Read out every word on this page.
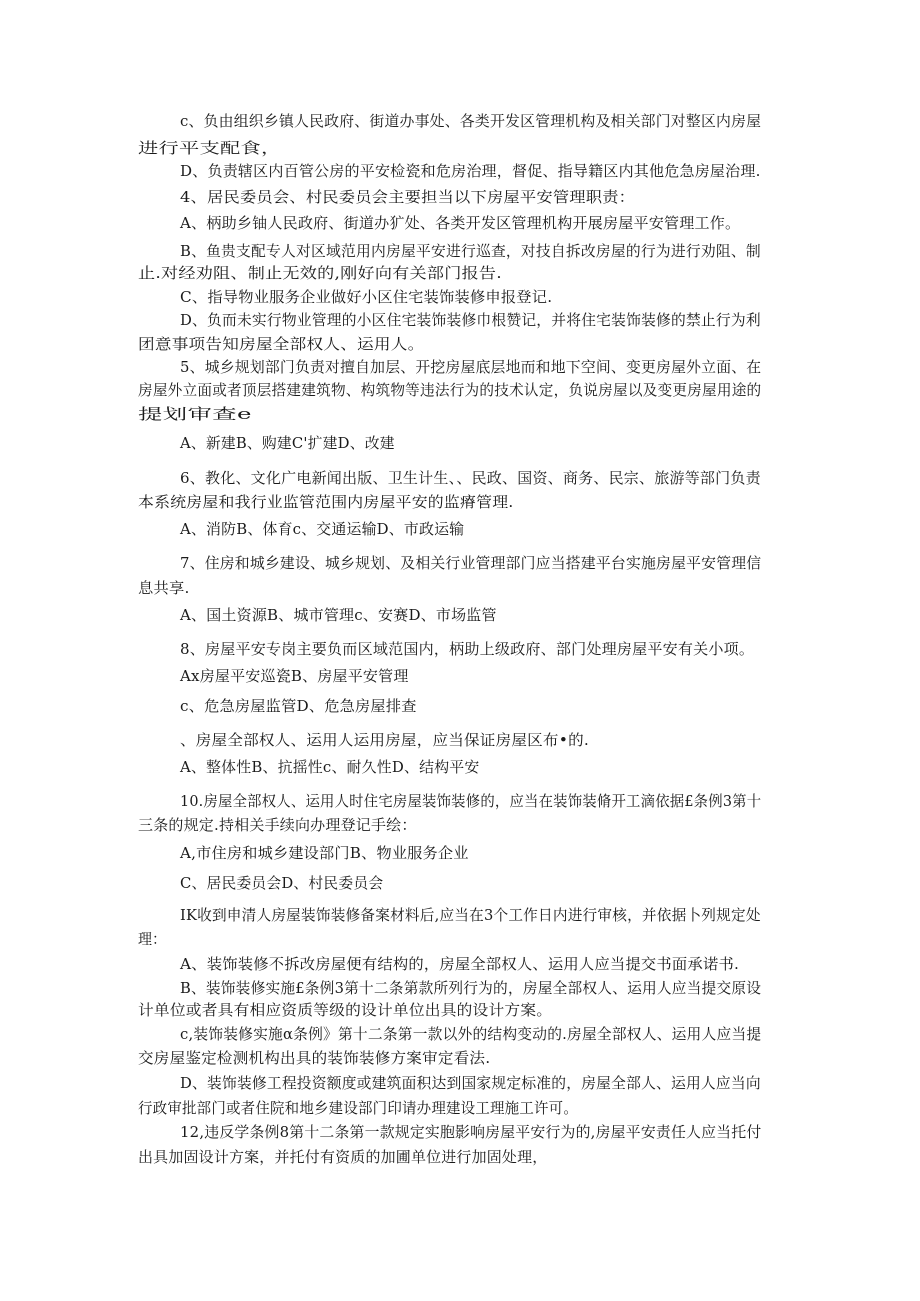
c、负由组织乡镇人民政府、街道办事处、各类开发区管理机构及相关部门对整区内房屋
进行平支配食，
D、负责辖区内百管公房的平安检瓷和危房治理，督促、指导籍区内其他危急房屋治理.
4、居民委员会、村民委员会主要担当以下房屋平安管理职责：
A、柄助乡铀人民政府、街道办犷处、各类开发区管理机构开展房屋平安管理工作。
B、鱼贵支配专人对区域范用内房屋平安进行巡查，对技自拆改房屋的行为进行劝阻、制
止.对经劝阻、制止无效的,刚好向有关部门报告.
C、指导物业服务企业做好小区住宅装饰装修申报登记.
D、负而未实行物业管理的小区住宅装饰装修巾根赞记，并将住宅装饰装修的禁止行为利
团意事项告知房屋全部权人、运用人。
5、城乡规划部门负责对擅自加层、开挖房屋底层地而和地下空间、变更房屋外立面、在
房屋外立面或者顶层搭建建筑物、构筑物等违法行为的技术认定，负说房屋以及变更房屋用途的
提划审查e
A、新建B、购建C'扩建D、改建
6、教化、文化广电新闻出版、卫生计生、、民政、国资、商务、民宗、旅游等部门负责
本系统房屋和我行业监管范围内房屋平安的监瘠管理.
A、消防B、体育c、交通运输D、市政运输
7、住房和城乡建设、城乡规划、及相关行业管理部门应当搭建平台实施房屋平安管理信
息共享.
A、国土资源B、城市管理c、安赛D、市场监管
8、房屋平安专岗主要负而区域范国内，柄助上级政府、部门处理房屋平安有关小项。
Ax房屋平安巡瓷B、房屋平安管理
c、危急房屋监管D、危急房屋排查
、房屋全部权人、运用人运用房屋，应当保证房屋区布•的.
A、整体性B、抗摇性c、耐久性D、结构平安
10.房屋全部权人、运用人时住宅房屋装饰装修的，应当在装饰装脩开工滴依据£条例3第十
三条的规定.持相关手续向办理登记手绘：
A,市住房和城乡建设部门B、物业服务企业
C、居民委员会D、村民委员会
IK收到申清人房屋装饰装修备案材料后,应当在3个工作日内进行审核，并依据卜列规定处
理：
A、装饰装修不拆改房屋便有结构的，房屋全部权人、运用人应当提交书面承诺书.
B、装饰装修实施£条例3第十二条第款所列行为的，房屋全部权人、运用人应当提交原设
计单位或者具有相应资质等级的设计单位出具的设计方案。
c,装饰装修实施α条例》第十二条第一款以外的结构变动的.房屋全部权人、运用人应当提
交房屋鉴定检测机构出具的装饰装修方案审定看法.
D、装饰装修工程投资额度或建筑面积达到国家规定标准的，房屋全部人、运用人应当向
行政审批部门或者住院和地乡建设部门印请办理建设工理施工许可。
12,违反学条例8第十二条第一款规定实胞影响房屋平安行为的,房屋平安责任人应当托付
出具加固设计方案，并托付有资质的加圃单位进行加固处理，
